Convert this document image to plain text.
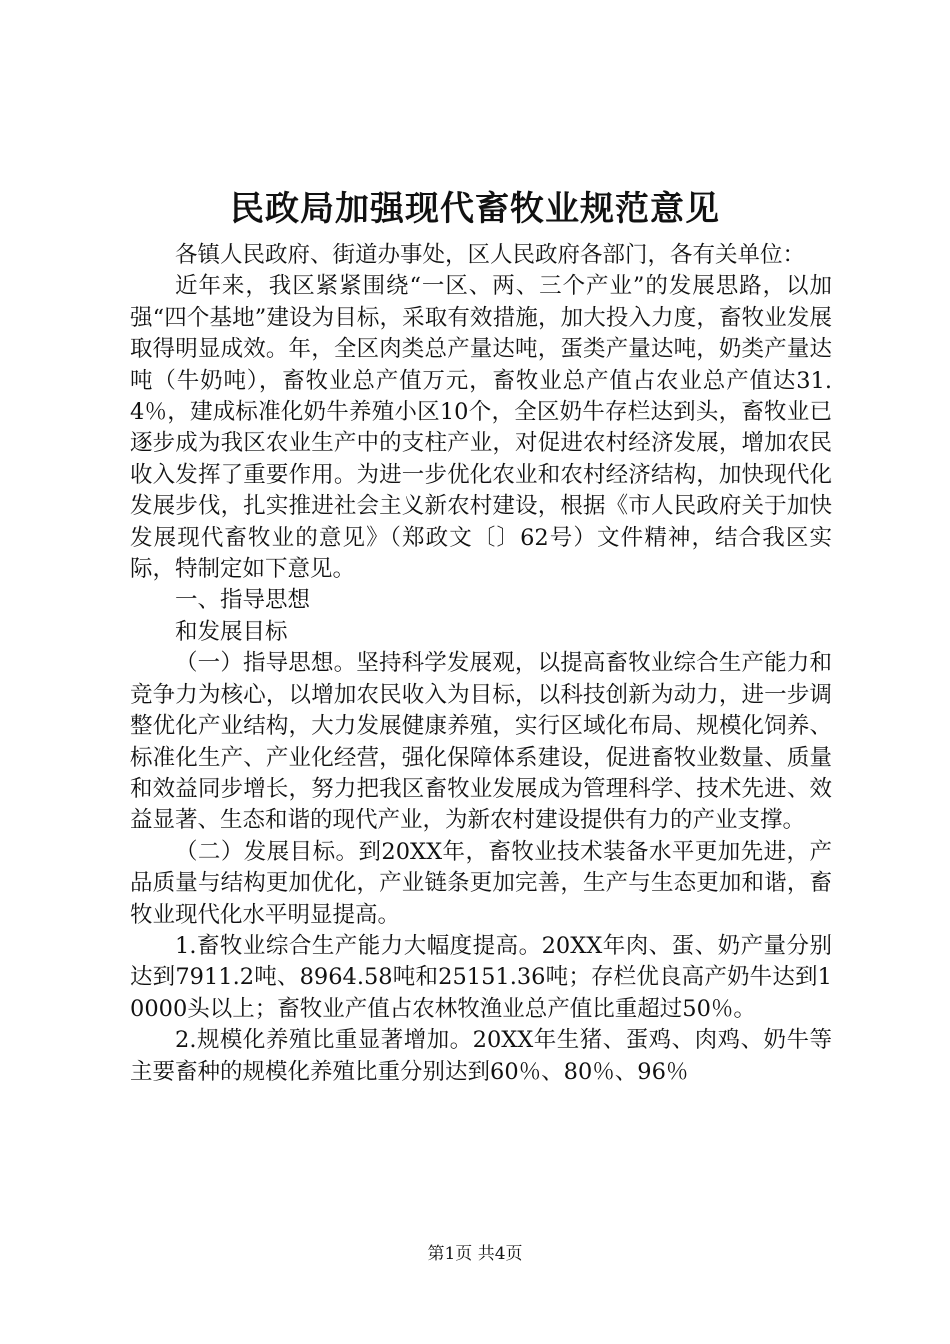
民政局加强现代畜牧业规范意见

各镇人民政府、街道办事处，区人民政府各部门，各有关单位：

近年来，我区紧紧围绕“一区、两、三个产业”的发展思路，以加强“四个基地”建设为目标，采取有效措施，加大投入力度，畜牧业发展取得明显成效。年，全区肉类总产量达吨，蛋类产量达吨，奶类产量达吨（牛奶吨），畜牧业总产值万元，畜牧业总产值占农业总产值达31.4％，建成标准化奶牛养殖小区10个，全区奶牛存栏达到头，畜牧业已逐步成为我区农业生产中的支柱产业，对促进农村经济发展，增加农民收入发挥了重要作用。为进一步优化农业和农村经济结构，加快现代化发展步伐，扎实推进社会主义新农村建设，根据《市人民政府关于加快发展现代畜牧业的意见》（郑政文〔〕62号）文件精神，结合我区实际，特制定如下意见。

一、指导思想

和发展目标

（一）指导思想。坚持科学发展观，以提高畜牧业综合生产能力和竞争力为核心，以增加农民收入为目标，以科技创新为动力，进一步调整优化产业结构，大力发展健康养殖，实行区域化布局、规模化饲养、标准化生产、产业化经营，强化保障体系建设，促进畜牧业数量、质量和效益同步增长，努力把我区畜牧业发展成为管理科学、技术先进、效益显著、生态和谐的现代产业，为新农村建设提供有力的产业支撑。

（二）发展目标。到20XX年，畜牧业技术装备水平更加先进，产品质量与结构更加优化，产业链条更加完善，生产与生态更加和谐，畜牧业现代化水平明显提高。

1.畜牧业综合生产能力大幅度提高。20XX年肉、蛋、奶产量分别达到7911.2吨、8964.58吨和25151.36吨；存栏优良高产奶牛达到10000头以上；畜牧业产值占农林牧渔业总产值比重超过50％。

2.规模化养殖比重显著增加。20XX年生猪、蛋鸡、肉鸡、奶牛等主要畜种的规模化养殖比重分别达到60％、80％、96％

第1页 共4页
